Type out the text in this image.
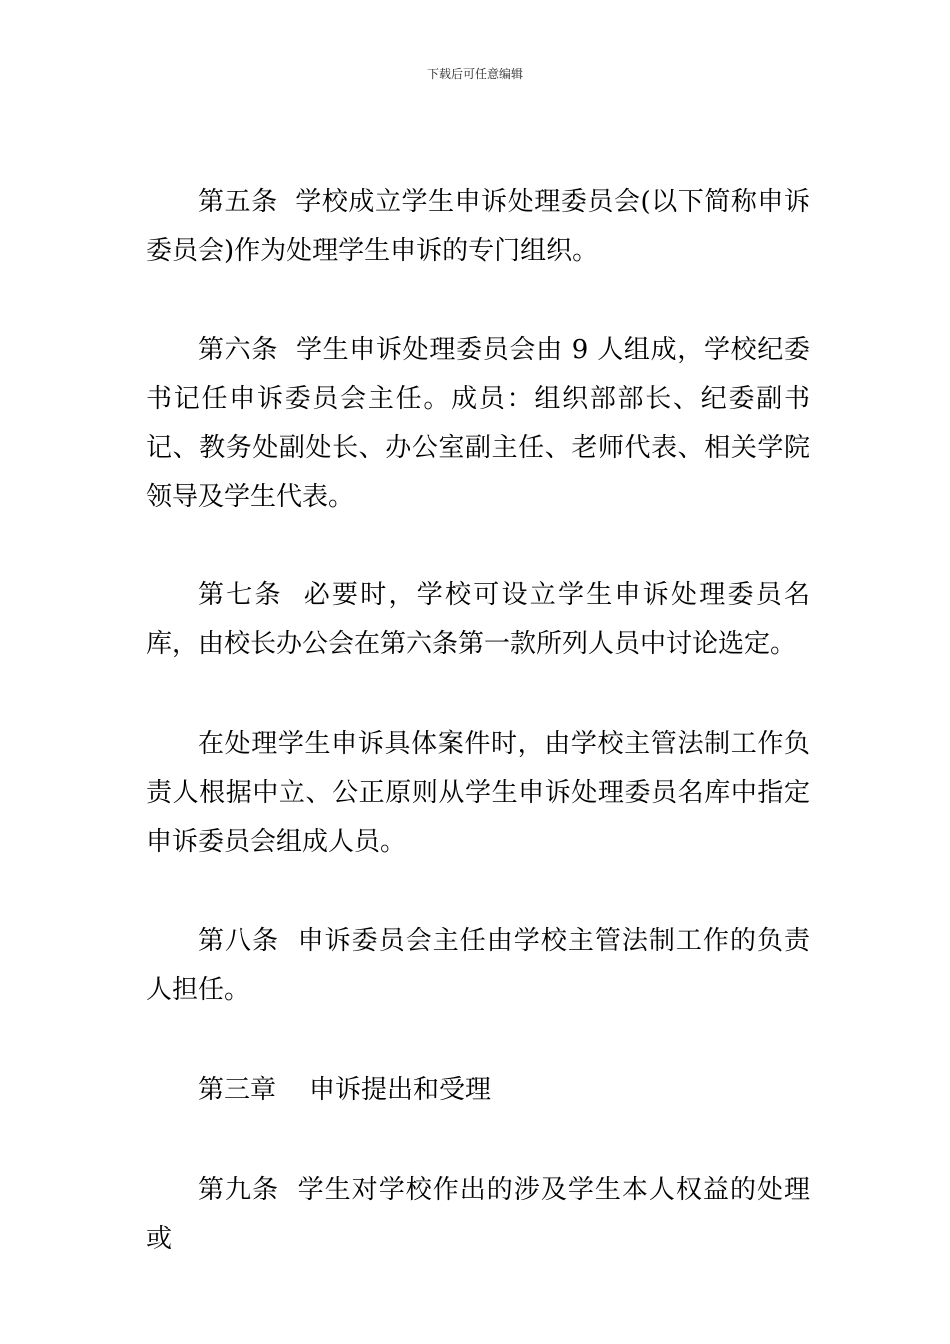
下载后可任意编辑

第五条  学校成立学生申诉处理委员会(以下简称申诉委员会)作为处理学生申诉的专门组织。

第六条  学生申诉处理委员会由 9 人组成，学校纪委书记任申诉委员会主任。成员：组织部部长、纪委副书记、教务处副处长、办公室副主任、老师代表、相关学院领导及学生代表。

第七条  必要时，学校可设立学生申诉处理委员名库，由校长办公会在第六条第一款所列人员中讨论选定。

在处理学生申诉具体案件时，由学校主管法制工作负责人根据中立、公正原则从学生申诉处理委员名库中指定申诉委员会组成人员。

第八条  申诉委员会主任由学校主管法制工作的负责人担任。

第三章    申诉提出和受理

第九条  学生对学校作出的涉及学生本人权益的处理或
